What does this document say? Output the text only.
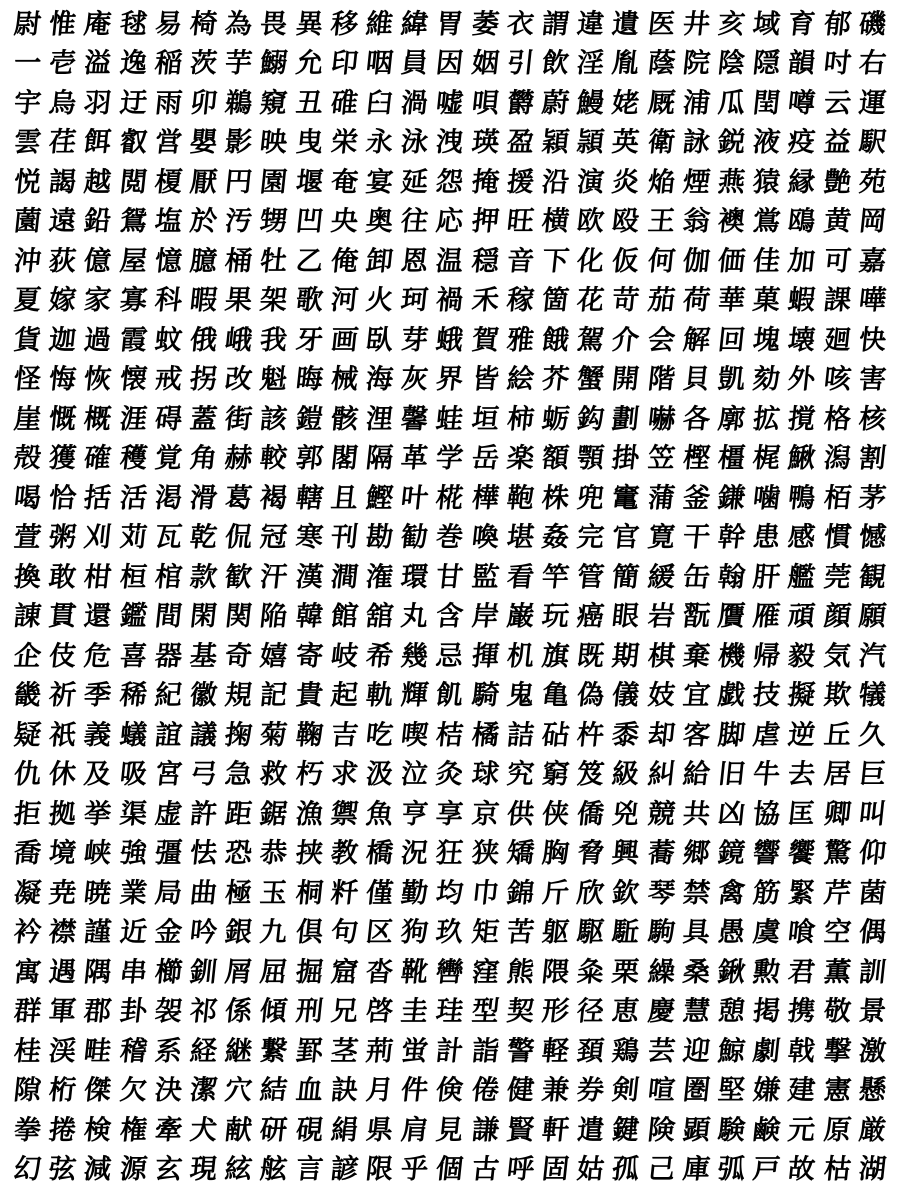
尉 惟 庵 毬 易 椅 為 畏 異 移 維 緯 胃 萎 衣 謂 違 遺 医 井 亥 域 育 郁 磯
一 壱 溢 逸 稲 茨 芋 鰯 允 印 咽 員 因 姻 引 飲 淫 胤 蔭 院 陰 隠 韻 吋 右
宇 烏 羽 迂 雨 卯 鵜 窺 丑 碓 臼 渦 嘘 唄 欝 蔚 鰻 姥 厩 浦 瓜 閏 噂 云 運
雲 荏 餌 叡 営 嬰 影 映 曳 栄 永 泳 洩 瑛 盈 穎 頴 英 衛 詠 鋭 液 疫 益 駅
悦 謁 越 閲 榎 厭 円 園 堰 奄 宴 延 怨 掩 援 沿 演 炎 焔 煙 燕 猿 縁 艶 苑
薗 遠 鉛 鴛 塩 於 汚 甥 凹 央 奥 往 応 押 旺 横 欧 殴 王 翁 襖 鴬 鴎 黄 岡
沖 荻 億 屋 憶 臆 桶 牡 乙 俺 卸 恩 温 穏 音 下 化 仮 何 伽 価 佳 加 可 嘉
夏 嫁 家 寡 科 暇 果 架 歌 河 火 珂 禍 禾 稼 箇 花 苛 茄 荷 華 菓 蝦 課 嘩
貨 迦 過 霞 蚊 俄 峨 我 牙 画 臥 芽 蛾 賀 雅 餓 駕 介 会 解 回 塊 壊 廻 快
怪 悔 恢 懐 戒 拐 改 魁 晦 械 海 灰 界 皆 絵 芥 蟹 開 階 貝 凱 劾 外 咳 害
崖 慨 概 涯 碍 蓋 街 該 鎧 骸 浬 馨 蛙 垣 柿 蛎 鈎 劃 嚇 各 廓 拡 撹 格 核
殻 獲 確 穫 覚 角 赫 較 郭 閣 隔 革 学 岳 楽 額 顎 掛 笠 樫 橿 梶 鰍 潟 割
喝 恰 括 活 渇 滑 葛 褐 轄 且 鰹 叶 椛 樺 鞄 株 兜 竃 蒲 釜 鎌 噛 鴨 栢 茅
萱 粥 刈 苅 瓦 乾 侃 冠 寒 刊 勘 勧 巻 喚 堪 姦 完 官 寛 干 幹 患 感 慣 憾
換 敢 柑 桓 棺 款 歓 汗 漢 澗 潅 環 甘 監 看 竿 管 簡 緩 缶 翰 肝 艦 莞 観
諌 貫 還 鑑 間 閑 関 陥 韓 館 舘 丸 含 岸 巌 玩 癌 眼 岩 翫 贋 雁 頑 顔 願
企 伎 危 喜 器 基 奇 嬉 寄 岐 希 幾 忌 揮 机 旗 既 期 棋 棄 機 帰 毅 気 汽
畿 祈 季 稀 紀 徽 規 記 貴 起 軌 輝 飢 騎 鬼 亀 偽 儀 妓 宜 戯 技 擬 欺 犠
疑 祇 義 蟻 誼 議 掬 菊 鞠 吉 吃 喫 桔 橘 詰 砧 杵 黍 却 客 脚 虐 逆 丘 久
仇 休 及 吸 宮 弓 急 救 朽 求 汲 泣 灸 球 究 窮 笈 級 糾 給 旧 牛 去 居 巨
拒 拠 挙 渠 虚 許 距 鋸 漁 禦 魚 亨 享 京 供 侠 僑 兇 競 共 凶 協 匡 卿 叫
喬 境 峡 強 彊 怯 恐 恭 挟 教 橋 況 狂 狭 矯 胸 脅 興 蕎 郷 鏡 響 饗 驚 仰
凝 尭 暁 業 局 曲 極 玉 桐 粁 僅 勤 均 巾 錦 斤 欣 欽 琴 禁 禽 筋 緊 芹 菌
衿 襟 謹 近 金 吟 銀 九 倶 句 区 狗 玖 矩 苦 躯 駆 駈 駒 具 愚 虞 喰 空 偶
寓 遇 隅 串 櫛 釧 屑 屈 掘 窟 沓 靴 轡 窪 熊 隈 粂 栗 繰 桑 鍬 勲 君 薫 訓
群 軍 郡 卦 袈 祁 係 傾 刑 兄 啓 圭 珪 型 契 形 径 恵 慶 慧 憩 掲 携 敬 景
桂 渓 畦 稽 系 経 継 繋 罫 茎 荊 蛍 計 詣 警 軽 頚 鶏 芸 迎 鯨 劇 戟 撃 激
隙 桁 傑 欠 決 潔 穴 結 血 訣 月 件 倹 倦 健 兼 券 剣 喧 圏 堅 嫌 建 憲 懸
拳 捲 検 権 牽 犬 献 研 硯 絹 県 肩 見 謙 賢 軒 遣 鍵 険 顕 験 鹸 元 原 厳
幻 弦 減 源 玄 現 絃 舷 言 諺 限 乎 個 古 呼 固 姑 孤 己 庫 弧 戸 故 枯 湖
